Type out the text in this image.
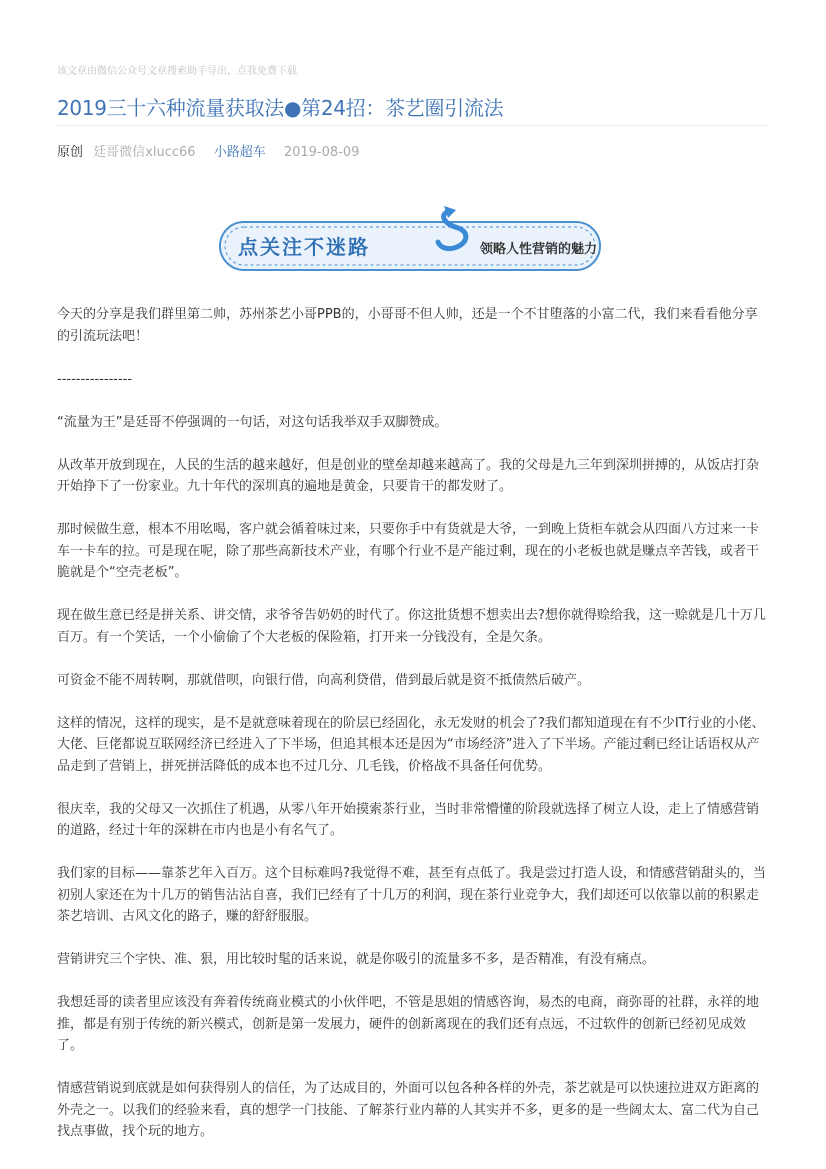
该文章由微信公众号文章搜索助手导出，点我免费下载
2019三十六种流量获取法●第24招：茶艺圈引流法
原创 廷哥微信xlucc66 小路超车 2019-08-09
点关注不迷路	领略人性营销的魅力

今天的分享是我们群里第二帅，苏州茶艺小哥PPB的，小哥哥不但人帅，还是一个不甘堕落的小富二代，我们来看看他分享的引流玩法吧！

----------------

“流量为王”是廷哥不停强调的一句话，对这句话我举双手双脚赞成。

从改革开放到现在，人民的生活的越来越好，但是创业的壁垒却越来越高了。我的父母是九三年到深圳拼搏的，从饭店打杂开始挣下了一份家业。九十年代的深圳真的遍地是黄金，只要肯干的都发财了。

那时候做生意，根本不用吆喝，客户就会循着味过来，只要你手中有货就是大爷，一到晚上货柜车就会从四面八方过来一卡车一卡车的拉。可是现在呢，除了那些高新技术产业，有哪个行业不是产能过剩，现在的小老板也就是赚点辛苦钱，或者干脆就是个“空壳老板”。

现在做生意已经是拼关系、讲交情，求爷爷告奶奶的时代了。你这批货想不想卖出去?想你就得赊给我，这一赊就是几十万几百万。有一个笑话，一个小偷偷了个大老板的保险箱，打开来一分钱没有，全是欠条。

可资金不能不周转啊，那就借呗，向银行借，向高利贷借，借到最后就是资不抵债然后破产。

这样的情况，这样的现实，是不是就意味着现在的阶层已经固化，永无发财的机会了?我们都知道现在有不少IT行业的小佬、大佬、巨佬都说互联网经济已经进入了下半场，但追其根本还是因为“市场经济”进入了下半场。产能过剩已经让话语权从产品走到了营销上，拼死拼活降低的成本也不过几分、几毛钱，价格战不具备任何优势。

很庆幸，我的父母又一次抓住了机遇，从零八年开始摸索茶行业，当时非常懵懂的阶段就选择了树立人设，走上了情感营销的道路，经过十年的深耕在市内也是小有名气了。

我们家的目标——靠茶艺年入百万。这个目标难吗?我觉得不难，甚至有点低了。我是尝过打造人设，和情感营销甜头的，当初别人家还在为十几万的销售沾沾自喜，我们已经有了十几万的利润，现在茶行业竞争大，我们却还可以依靠以前的积累走茶艺培训、古风文化的路子，赚的舒舒服服。

营销讲究三个字快、准、狠，用比较时髦的话来说，就是你吸引的流量多不多，是否精准，有没有痛点。

我想廷哥的读者里应该没有奔着传统商业模式的小伙伴吧，不管是思姐的情感咨询，易杰的电商，商弥哥的社群，永祥的地推，都是有别于传统的新兴模式，创新是第一发展力，硬件的创新离现在的我们还有点远，不过软件的创新已经初见成效了。

情感营销说到底就是如何获得别人的信任，为了达成目的，外面可以包各种各样的外壳，茶艺就是可以快速拉进双方距离的外壳之一。以我们的经验来看，真的想学一门技能、了解茶行业内幕的人其实并不多，更多的是一些阔太太、富二代为自己找点事做，找个玩的地方。
